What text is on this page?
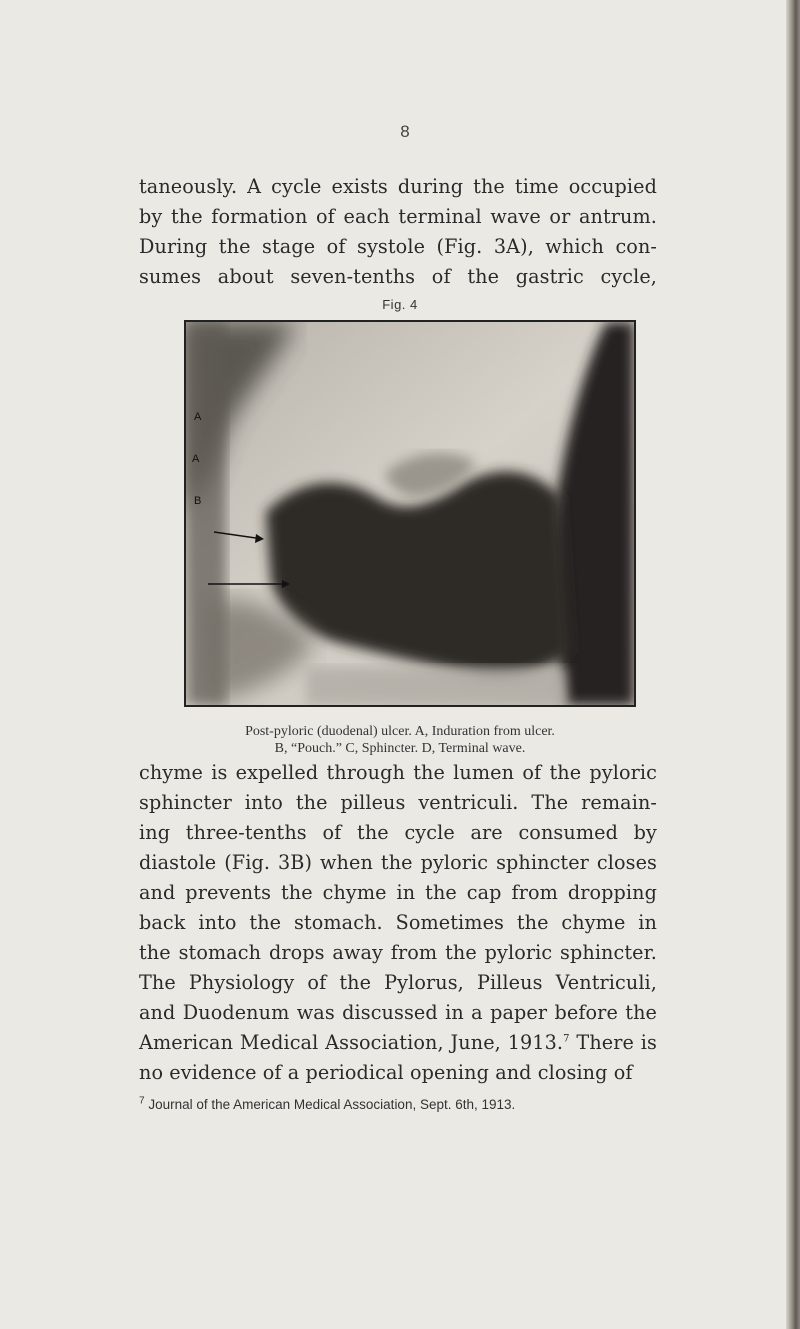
8
taneously. A cycle exists during the time occupied
by the formation of each terminal wave or antrum.
During the stage of systole (Fig. 3A), which con-
sumes about seven-tenths of the gastric cycle,
Fig. 4
A
A
B
Post-pyloric (duodenal) ulcer. A, Induration from ulcer.
B, “Pouch.” C, Sphincter. D, Terminal wave.
chyme is expelled through the lumen of the pyloric
sphincter into the pilleus ventriculi. The remain-
ing three-tenths of the cycle are consumed by
diastole (Fig. 3B) when the pyloric sphincter closes
and prevents the chyme in the cap from dropping
back into the stomach. Sometimes the chyme in
the stomach drops away from the pyloric sphincter.
The Physiology of the Pylorus, Pilleus Ventriculi,
and Duodenum was discussed in a paper before the
American Medical Association, June, 1913.$^7$ There is
no evidence of a periodical opening and closing of
$^7$ Journal of the American Medical Association, Sept. 6th, 1913.
